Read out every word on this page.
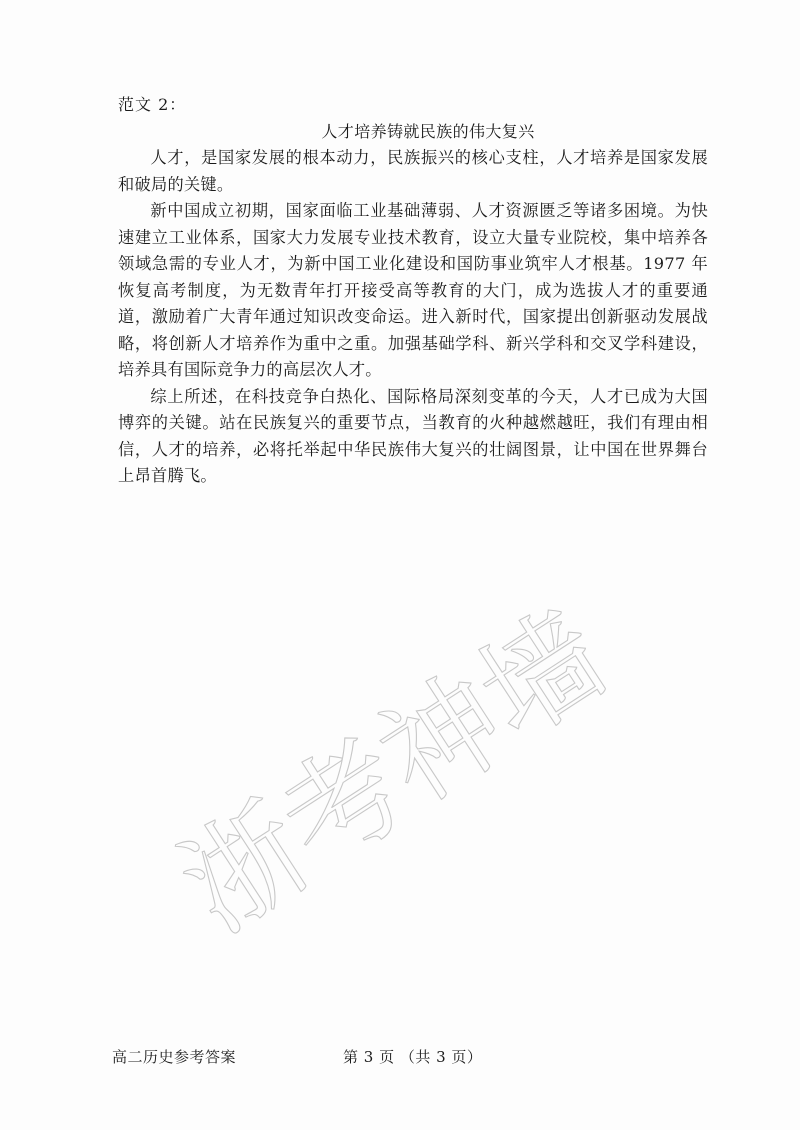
浙考神墙

范文 2：

人才培养铸就民族的伟大复兴

人才，是国家发展的根本动力，民族振兴的核心支柱，人才培养是国家发展和破局的关键。

新中国成立初期，国家面临工业基础薄弱、人才资源匮乏等诸多困境。为快速建立工业体系，国家大力发展专业技术教育，设立大量专业院校，集中培养各领域急需的专业人才，为新中国工业化建设和国防事业筑牢人才根基。1977 年恢复高考制度，为无数青年打开接受高等教育的大门，成为选拔人才的重要通道，激励着广大青年通过知识改变命运。进入新时代，国家提出创新驱动发展战略，将创新人才培养作为重中之重。加强基础学科、新兴学科和交叉学科建设，培养具有国际竞争力的高层次人才。

综上所述，在科技竞争白热化、国际格局深刻变革的今天，人才已成为大国博弈的关键。站在民族复兴的重要节点，当教育的火种越燃越旺，我们有理由相信，人才的培养，必将托举起中华民族伟大复兴的壮阔图景，让中国在世界舞台上昂首腾飞。

高二历史参考答案	第 3 页 （共 3 页）
